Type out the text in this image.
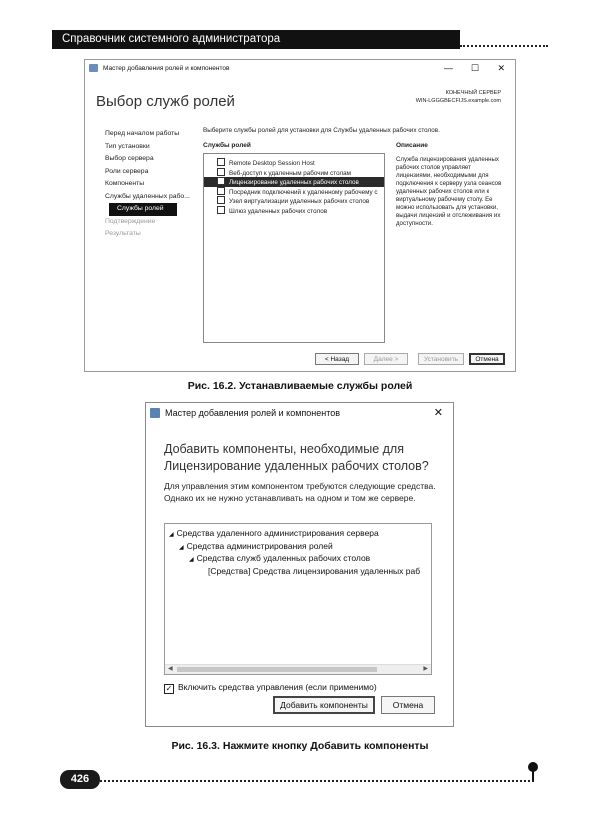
Справочник системного администратора
Мастер добавления ролей и компонентов	— ☐ ✕
Выбор служб ролей	КОНЕЧНЫЙ СЕРВЕР
WIN-LGGGBECFIJS.example.com
Перед началом работы
Тип установки
Выбор сервера
Роли сервера
Компоненты
Службы удаленных рабо...
Службы ролей
Подтверждение
Результаты
Выберите службы ролей для установки для Службы удаленных рабочих столов.
Службы ролей	Описание
Remote Desktop Session Host
Веб-доступ к удаленным рабочим столам
Лицензирование удаленных рабочих столов
Посредник подключений к удаленному рабочему с
Узел виртуализации удаленных рабочих столов
Шлюз удаленных рабочих столов
Служба лицензирования удаленных рабочих столов управляет лицензиями, необходимыми для подключения к серверу узла сеансов удаленных рабочих столов или к виртуальному рабочему столу. Ее можно использовать для установки, выдачи лицензий и отслеживания их доступности.
< Назад	Далее >	Установить	Отмена
Рис. 16.2. Устанавливаемые службы ролей
Мастер добавления ролей и компонентов	✕
Добавить компоненты, необходимые для Лицензирование удаленных рабочих столов?
Для управления этим компонентом требуются следующие средства. Однако их не нужно устанавливать на одном и том же сервере.
◢ Средства удаленного администрирования сервера
◢ Средства администрирования ролей
◢ Средства служб удаленных рабочих столов
[Средства] Средства лицензирования удаленных раб
◀	▶
✓ Включить средства управления (если применимо)
Добавить компоненты	Отмена
Рис. 16.3. Нажмите кнопку Добавить компоненты
426
